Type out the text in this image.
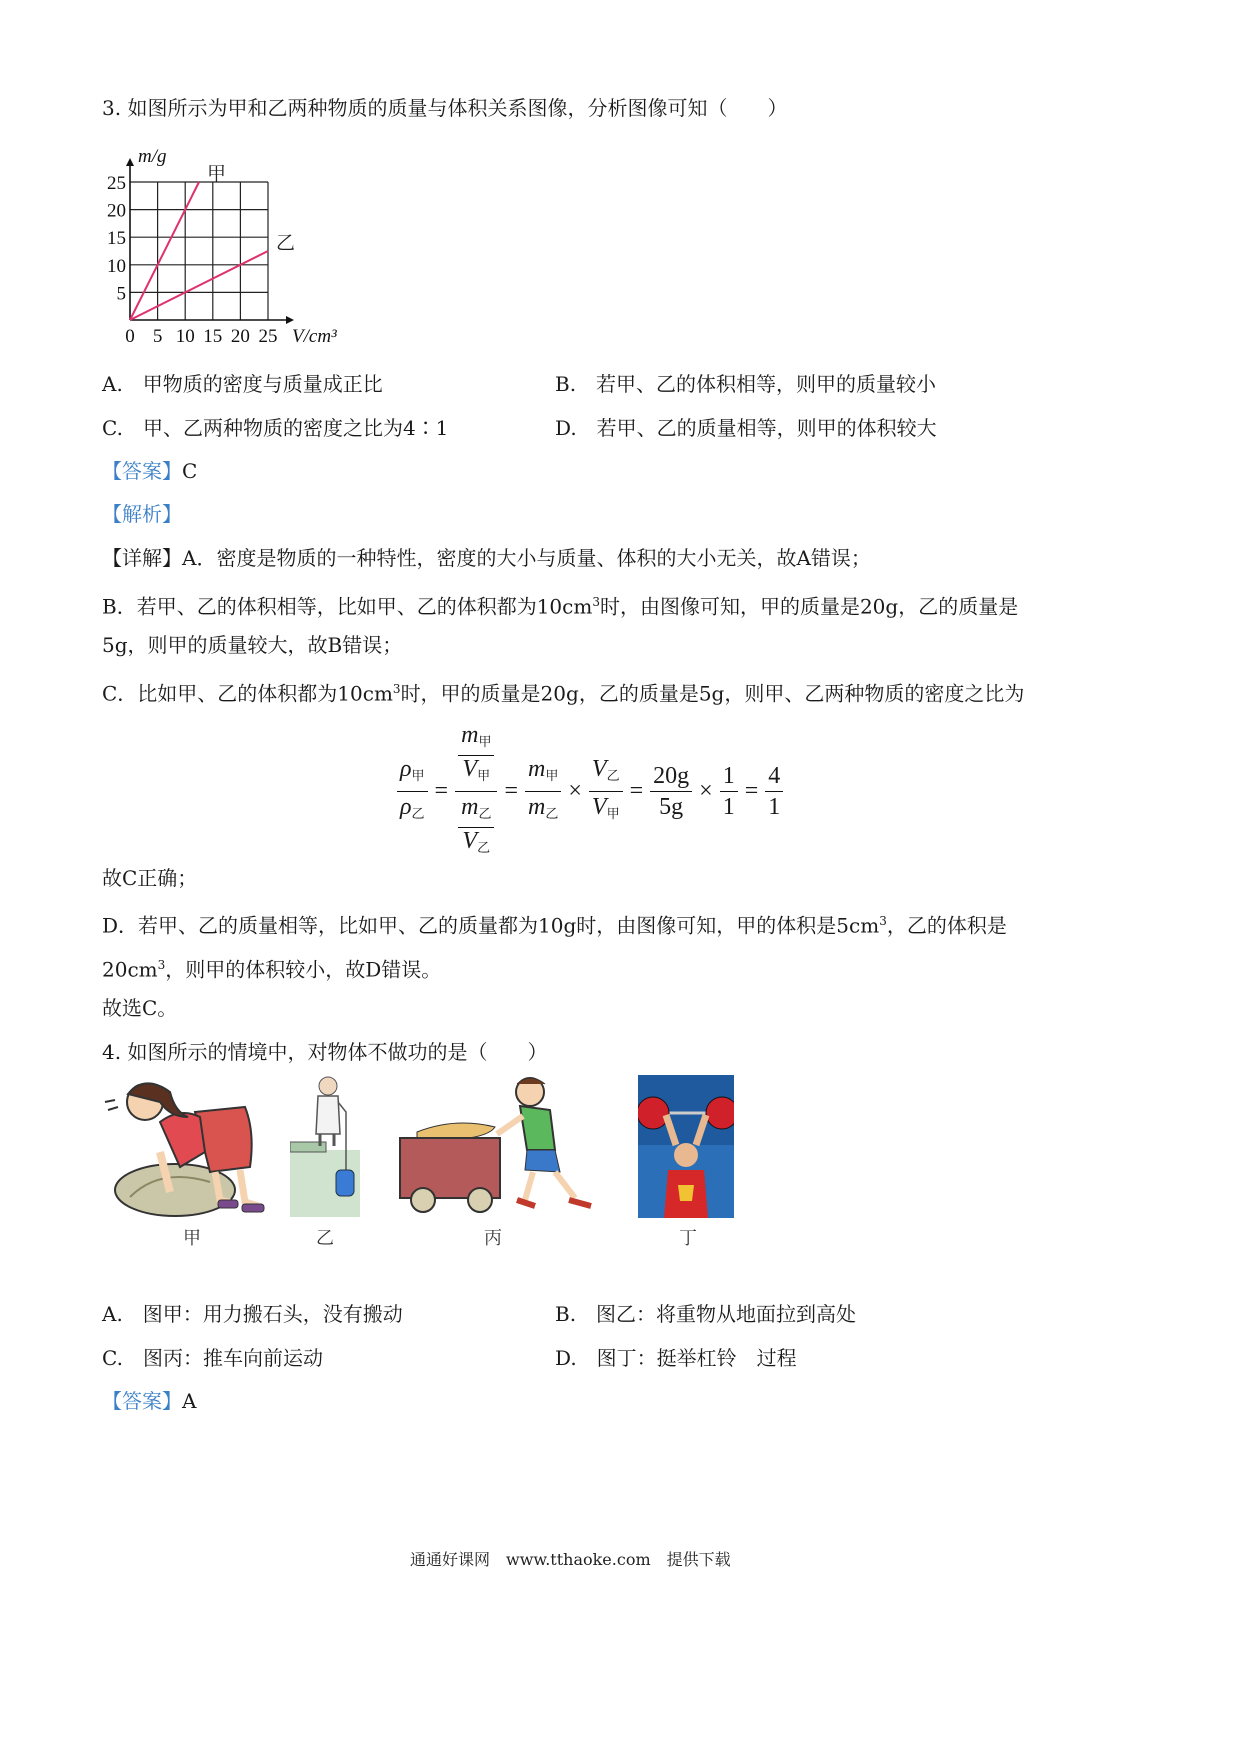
3. 如图所示为甲和乙两种物质的质量与体积关系图像，分析图像可知（　　）
甲
乙
0 5 10 15 20 25
5
10
15
20
25
m/g
V/cm³
A.　甲物质的密度与质量成正比	B.　若甲、乙的体积相等，则甲的质量较小
C.　甲、乙两种物质的密度之比为4∶1	D.　若甲、乙的质量相等，则甲的体积较大
【答案】C
【解析】
【详解】A．密度是物质的一种特性，密度的大小与质量、体积的大小无关，故A错误；
B．若甲、乙的体积相等，比如甲、乙的体积都为$10cm^3$时，由图像可知，甲的质量是20g，乙的质量是
5g，则甲的质量较大，故B错误；
C．比如甲、乙的体积都为$10cm^3$时，甲的质量是20g，乙的质量是5g，则甲、乙两种物质的密度之比为
$\frac{\rho_甲}{\rho_乙} = \frac{\frac{m_甲}{V_甲}}{\frac{m_乙}{V_乙}} = \frac{m_甲}{m_乙} \times \frac{V_乙}{V_甲} = \frac{20g}{5g} \times \frac{1}{1} = \frac{4}{1}$
故C正确；
D．若甲、乙的质量相等，比如甲、乙的质量都为10g时，由图像可知，甲的体积是$5cm^3$，乙的体积是
$20cm^3$，则甲的体积较小，故D错误。
故选C。
4. 如图所示的情境中，对物体不做功的是（　　）
甲	乙	丙	丁
A.　图甲：用力搬石头，没有搬动	B.　图乙：将重物从地面拉到高处
C.　图丙：推车向前运动	D.　图丁：挺举杠铃　过程
【答案】A
通通好课网　www.tthaoke.com　提供下载
